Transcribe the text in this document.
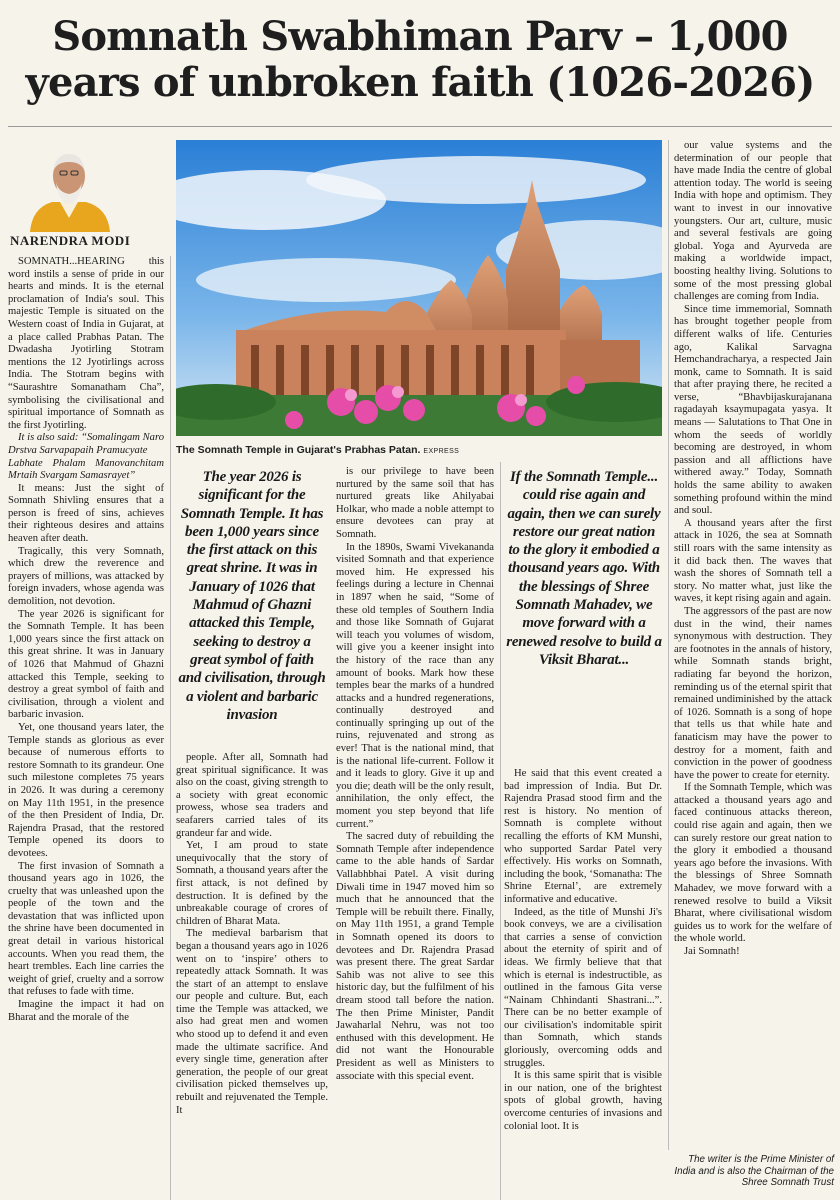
Somnath Swabhiman Parv – 1,000
years of unbroken faith (1026-2026)
NARENDRA MODI
The Somnath Temple in Gujarat's Prabhas Patan. EXPRESS

SOMNATH...HEARING this word instils a sense of pride in our hearts and minds. It is the eternal proclamation of India's soul. This majestic Temple is situated on the Western coast of India in Gujarat, at a place called Prabhas Patan. The Dwadasha Jyotirling Stotram mentions the 12 Jyotirlings across India. The Stotram begins with “Saurashtre Somanatham Cha”, symbolising the civilisational and spiritual importance of Somnath as the first Jyotirling.

It is also said: “Somalingam Naro Drstva Sarvapapaih Pramucyate

Labhate Phalam Manovanchitam Mrtaih Svargam Samasrayet”

It means: Just the sight of Somnath Shivling ensures that a person is freed of sins, achieves their righteous desires and attains heaven after death.

Tragically, this very Somnath, which drew the reverence and prayers of millions, was attacked by foreign invaders, whose agenda was demolition, not devotion.

The year 2026 is significant for the Somnath Temple. It has been 1,000 years since the first attack on this great shrine. It was in January of 1026 that Mahmud of Ghazni attacked this Temple, seeking to destroy a great symbol of faith and civilisation, through a violent and barbaric invasion.

Yet, one thousand years later, the Temple stands as glorious as ever because of numerous efforts to restore Somnath to its grandeur. One such milestone completes 75 years in 2026. It was during a ceremony on May 11th 1951, in the presence of the then President of India, Dr. Rajendra Prasad, that the restored Temple opened its doors to devotees.

The first invasion of Somnath a thousand years ago in 1026, the cruelty that was unleashed upon the people of the town and the devastation that was inflicted upon the shrine have been documented in great detail in various historical accounts. When you read them, the heart trembles. Each line carries the weight of grief, cruelty and a sorrow that refuses to fade with time.

Imagine the impact it had on Bharat and the morale of the

The year 2026 is significant for the Somnath Temple. It has been 1,000 years since the first attack on this great shrine. It was in January of 1026 that Mahmud of Ghazni attacked this Temple, seeking to destroy a great symbol of faith and civilisation, through a violent and barbaric invasion

people. After all, Somnath had great spiritual significance. It was also on the coast, giving strength to a society with great economic prowess, whose sea traders and seafarers carried tales of its grandeur far and wide.

Yet, I am proud to state unequivocally that the story of Somnath, a thousand years after the first attack, is not defined by destruction. It is defined by the unbreakable courage of crores of children of Bharat Mata.

The medieval barbarism that began a thousand years ago in 1026 went on to ‘inspire’ others to repeatedly attack Somnath. It was the start of an attempt to enslave our people and culture. But, each time the Temple was attacked, we also had great men and women who stood up to defend it and even made the ultimate sacrifice. And every single time, generation after generation, the people of our great civilisation picked themselves up, rebuilt and rejuvenated the Temple. It

is our privilege to have been nurtured by the same soil that has nurtured greats like Ahilyabai Holkar, who made a noble attempt to ensure devotees can pray at Somnath.

In the 1890s, Swami Vivekananda visited Somnath and that experience moved him. He expressed his feelings during a lecture in Chennai in 1897 when he said, “Some of these old temples of Southern India and those like Somnath of Gujarat will teach you volumes of wisdom, will give you a keener insight into the history of the race than any amount of books. Mark how these temples bear the marks of a hundred attacks and a hundred regenerations, continually destroyed and continually springing up out of the ruins, rejuvenated and strong as ever! That is the national mind, that is the national life-current. Follow it and it leads to glory. Give it up and you die; death will be the only result, annihilation, the only effect, the moment you step beyond that life current.”

The sacred duty of rebuilding the Somnath Temple after independence came to the able hands of Sardar Vallabhbhai Patel. A visit during Diwali time in 1947 moved him so much that he announced that the Temple will be rebuilt there. Finally, on May 11th 1951, a grand Temple in Somnath opened its doors to devotees and Dr. Rajendra Prasad was present there. The great Sardar Sahib was not alive to see this historic day, but the fulfilment of his dream stood tall before the nation. The then Prime Minister, Pandit Jawaharlal Nehru, was not too enthused with this development. He did not want the Honourable President as well as Ministers to associate with this special event.

If the Somnath Temple... could rise again and again, then we can surely restore our great nation to the glory it embodied a thousand years ago. With the blessings of Shree Somnath Mahadev, we move forward with a renewed resolve to build a Viksit Bharat...

He said that this event created a bad impression of India. But Dr. Rajendra Prasad stood firm and the rest is history. No mention of Somnath is complete without recalling the efforts of KM Munshi, who supported Sardar Patel very effectively. His works on Somnath, including the book, ‘Somanatha: The Shrine Eternal’, are extremely informative and educative.

Indeed, as the title of Munshi Ji's book conveys, we are a civilisation that carries a sense of conviction about the eternity of spirit and of ideas. We firmly believe that that which is eternal is indestructible, as outlined in the famous Gita verse “Nainam Chhindanti Shastrani...”. There can be no better example of our civilisation's indomitable spirit than Somnath, which stands gloriously, overcoming odds and struggles.

It is this same spirit that is visible in our nation, one of the brightest spots of global growth, having overcome centuries of invasions and colonial loot. It is

our value systems and the determination of our people that have made India the centre of global attention today. The world is seeing India with hope and optimism. They want to invest in our innovative youngsters. Our art, culture, music and several festivals are going global. Yoga and Ayurveda are making a worldwide impact, boosting healthy living. Solutions to some of the most pressing global challenges are coming from India.

Since time immemorial, Somnath has brought together people from different walks of life. Centuries ago, Kalikal Sarvagna Hemchandracharya, a respected Jain monk, came to Somnath. It is said that after praying there, he recited a verse, “Bhavbijaskurajanana ragadayah ksaymupagata yasya. It means — Salutations to That One in whom the seeds of worldly becoming are destroyed, in whom passion and all afflictions have withered away.” Today, Somnath holds the same ability to awaken something profound within the mind and soul.

A thousand years after the first attack in 1026, the sea at Somnath still roars with the same intensity as it did back then. The waves that wash the shores of Somnath tell a story. No matter what, just like the waves, it kept rising again and again.

The aggressors of the past are now dust in the wind, their names synonymous with destruction. They are footnotes in the annals of history, while Somnath stands bright, radiating far beyond the horizon, reminding us of the eternal spirit that remained undiminished by the attack of 1026. Somnath is a song of hope that tells us that while hate and fanaticism may have the power to destroy for a moment, faith and conviction in the power of goodness have the power to create for eternity.

If the Somnath Temple, which was attacked a thousand years ago and faced continuous attacks thereon, could rise again and again, then we can surely restore our great nation to the glory it embodied a thousand years ago before the invasions. With the blessings of Shree Somnath Mahadev, we move forward with a renewed resolve to build a Viksit Bharat, where civilisational wisdom guides us to work for the welfare of the whole world.

Jai Somnath!

The writer is the Prime Minister of India and is also the Chairman of the Shree Somnath Trust
